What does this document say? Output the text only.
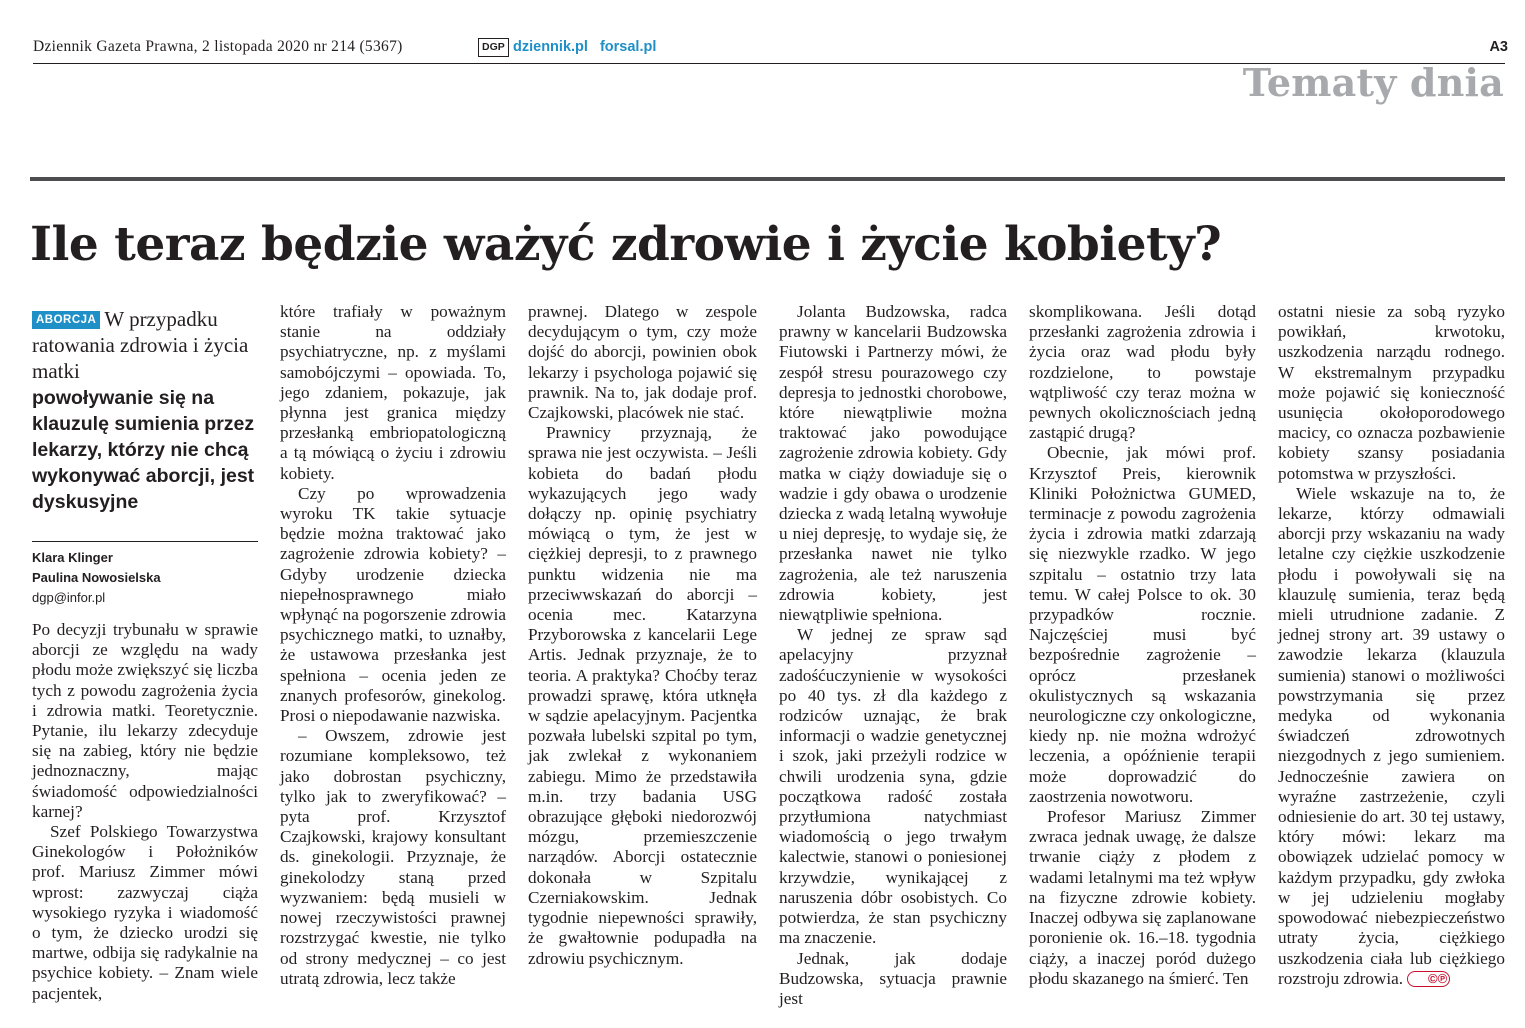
Dziennik Gazeta Prawna, 2 listopada 2020 nr 214 (5367)	DGP dziennik.pl forsal.pl	A3
Tematy dnia
Ile teraz będzie ważyć zdrowie i życie kobiety?
ABORCJA W przypadku ratowania zdrowia i życia matki
powoływanie się na klauzulę sumienia przez lekarzy, którzy nie chcą wykonywać aborcji, jest dyskusyjne
Klara Klinger
Paulina Nowosielska
dgp@infor.pl

Po decyzji trybunału w sprawie aborcji ze względu na wady płodu może zwiększyć się liczba tych z powodu zagrożenia życia i zdrowia matki. Teoretycznie. Pytanie, ilu lekarzy zdecyduje się na zabieg, który nie będzie jednoznaczny, mając świadomość odpowiedzialności karnej?

Szef Polskiego Towarzystwa Ginekologów i Położników prof. Mariusz Zimmer mówi wprost: zazwyczaj ciąża wysokiego ryzyka i wiadomość o tym, że dziecko urodzi się martwe, odbija się radykalnie na psychice kobiety. – Znam wiele pacjentek,

które trafiały w poważnym stanie na oddziały psychiatryczne, np. z myślami samobójczymi – opowiada. To, jego zdaniem, pokazuje, jak płynna jest granica między przesłanką embriopatologiczną a tą mówiącą o życiu i zdrowiu kobiety.

Czy po wprowadzenia wyroku TK takie sytuacje będzie można traktować jako zagrożenie zdrowia kobiety? – Gdyby urodzenie dziecka niepełnosprawnego miało wpłynąć na pogorszenie zdrowia psychicznego matki, to uznałby, że ustawowa przesłanka jest spełniona – ocenia jeden ze znanych profesorów, ginekolog. Prosi o niepodawanie nazwiska.

– Owszem, zdrowie jest rozumiane kompleksowo, też jako dobrostan psychiczny, tylko jak to zweryfikować? – pyta prof. Krzysztof Czajkowski, krajowy konsultant ds. ginekologii. Przyznaje, że ginekolodzy staną przed wyzwaniem: będą musieli w nowej rzeczywistości prawnej rozstrzygać kwestie, nie tylko od strony medycznej – co jest utratą zdrowia, lecz także

prawnej. Dlatego w zespole decydującym o tym, czy może dojść do aborcji, powinien obok lekarzy i psychologa pojawić się prawnik. Na to, jak dodaje prof. Czajkowski, placówek nie stać.

Prawnicy przyznają, że sprawa nie jest oczywista. – Jeśli kobieta do badań płodu wykazujących jego wady dołączy np. opinię psychiatry mówiącą o tym, że jest w ciężkiej depresji, to z prawnego punktu widzenia nie ma przeciwwskazań do aborcji – ocenia mec. Katarzyna Przyborowska z kancelarii Lege Artis. Jednak przyznaje, że to teoria. A praktyka? Choćby teraz prowadzi sprawę, która utknęła w sądzie apelacyjnym. Pacjentka pozwała lubelski szpital po tym, jak zwlekał z wykonaniem zabiegu. Mimo że przedstawiła m.in. trzy badania USG obrazujące głęboki niedorozwój mózgu, przemieszczenie narządów. Aborcji ostatecznie dokonała w Szpitalu Czerniakowskim. Jednak tygodnie niepewności sprawiły, że gwałtownie podupadła na zdrowiu psychicznym.

Jolanta Budzowska, radca prawny w kancelarii Budzowska Fiutowski i Partnerzy mówi, że zespół stresu pourazowego czy depresja to jednostki chorobowe, które niewątpliwie można traktować jako powodujące zagrożenie zdrowia kobiety. Gdy matka w ciąży dowiaduje się o wadzie i gdy obawa o urodzenie dziecka z wadą letalną wywołuje u niej depresję, to wydaje się, że przesłanka nawet nie tylko zagrożenia, ale też naruszenia zdrowia kobiety, jest niewątpliwie spełniona.

W jednej ze spraw sąd apelacyjny przyznał zadośćuczynienie w wysokości po 40 tys. zł dla każdego z rodziców uznając, że brak informacji o wadzie genetycznej i szok, jaki przeżyli rodzice w chwili urodzenia syna, gdzie początkowa radość została przytłumiona natychmiast wiadomością o jego trwałym kalectwie, stanowi o poniesionej krzywdzie, wynikającej z naruszenia dóbr osobistych. Co potwierdza, że stan psychiczny ma znaczenie.

Jednak, jak dodaje Budzowska, sytuacja prawnie jest

skomplikowana. Jeśli dotąd przesłanki zagrożenia zdrowia i życia oraz wad płodu były rozdzielone, to powstaje wątpliwość czy teraz można w pewnych okolicznościach jedną zastąpić drugą?

Obecnie, jak mówi prof. Krzysztof Preis, kierownik Kliniki Położnictwa GUMED, terminacje z powodu zagrożenia życia i zdrowia matki zdarzają się niezwykle rzadko. W jego szpitalu – ostatnio trzy lata temu. W całej Polsce to ok. 30 przypadków rocznie. Najczęściej musi być bezpośrednie zagrożenie – oprócz przesłanek okulistycznych są wskazania neurologiczne czy onkologiczne, kiedy np. nie można wdrożyć leczenia, a opóźnienie terapii może doprowadzić do zaostrzenia nowotworu.

Profesor Mariusz Zimmer zwraca jednak uwagę, że dalsze trwanie ciąży z płodem z wadami letalnymi ma też wpływ na fizyczne zdrowie kobiety. Inaczej odbywa się zaplanowane poronienie ok. 16.–18. tygodnia ciąży, a inaczej poród dużego płodu skazanego na śmierć. Ten

ostatni niesie za sobą ryzyko powikłań, krwotoku, uszkodzenia narządu rodnego. W ekstremalnym przypadku może pojawić się konieczność usunięcia okołoporodowego macicy, co oznacza pozbawienie kobiety szansy posiadania potomstwa w przyszłości.

Wiele wskazuje na to, że lekarze, którzy odmawiali aborcji przy wskazaniu na wady letalne czy ciężkie uszkodzenie płodu i powoływali się na klauzulę sumienia, teraz będą mieli utrudnione zadanie. Z jednej strony art. 39 ustawy o zawodzie lekarza (klauzula sumienia) stanowi o możliwości powstrzymania się przez medyka od wykonania świadczeń zdrowotnych niezgodnych z jego sumieniem. Jednocześnie zawiera on wyraźne zastrzeżenie, czyli odniesienie do art. 30 tej ustawy, który mówi: lekarz ma obowiązek udzielać pomocy w każdym przypadku, gdy zwłoka w jej udzieleniu mogłaby spowodować niebezpieczeństwo utraty życia, ciężkiego uszkodzenia ciała lub ciężkiego rozstroju zdrowia. ©℗
